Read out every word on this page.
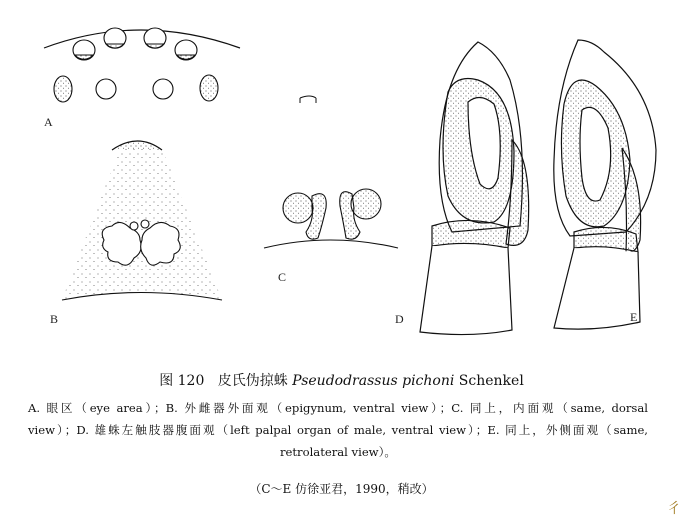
A
B
C
D	E
图 120 皮氏伪掠蛛 Pseudodrassus pichoni Schenkel
A. 眼区（eye area）；B. 外雌器外面观（epigynum, ventral view）；C. 同上，内面观（same, dorsal
view）；D. 雄蛛左触肢器腹面观（left palpal organ of male, ventral view）；E. 同上，外侧面观（same,
retrolateral view）。
（C～E 仿徐亚君，1990，稍改）
彳
